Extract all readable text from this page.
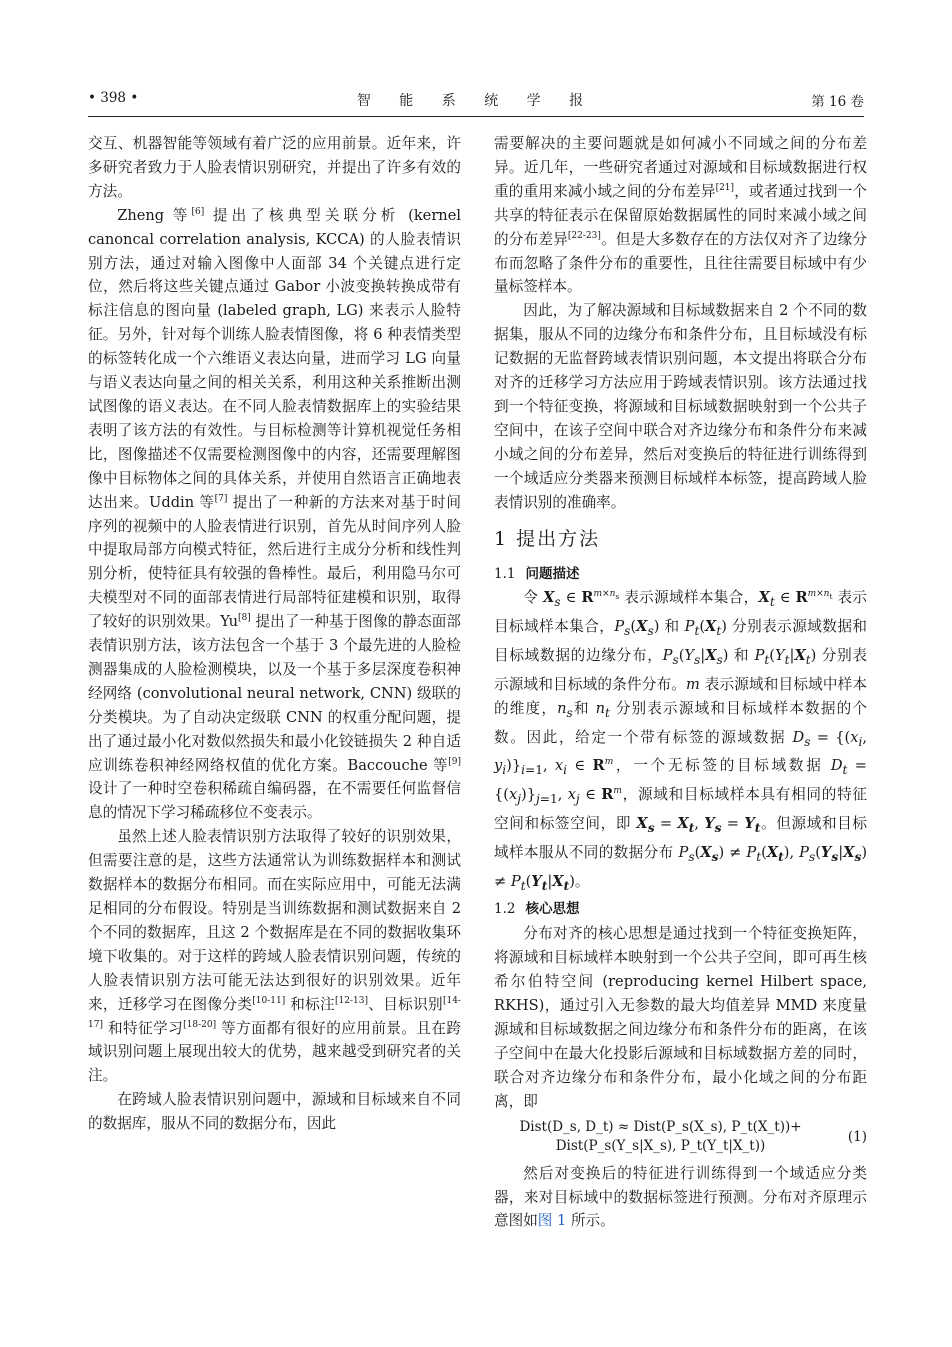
• 398 •	智 能 系 统 学 报	第 16 卷

交互、机器智能等领域有着广泛的应用前景。近年来，许多研究者致力于人脸表情识别研究，并提出了许多有效的方法。

Zheng 等[6] 提出了核典型关联分析 (kernel canoncal correlation analysis, KCCA) 的人脸表情识别方法，通过对输入图像中人面部 34 个关键点进行定位，然后将这些关键点通过 Gabor 小波变换转换成带有标注信息的图向量 (labeled graph, LG) 来表示人脸特征。另外，针对每个训练人脸表情图像，将 6 种表情类型的标签转化成一个六维语义表达向量，进而学习 LG 向量与语义表达向量之间的相关关系，利用这种关系推断出测试图像的语义表达。在不同人脸表情数据库上的实验结果表明了该方法的有效性。与目标检测等计算机视觉任务相比，图像描述不仅需要检测图像中的内容，还需要理解图像中目标物体之间的具体关系，并使用自然语言正确地表达出来。Uddin 等[7] 提出了一种新的方法来对基于时间序列的视频中的人脸表情进行识别，首先从时间序列人脸中提取局部方向模式特征，然后进行主成分分析和线性判别分析，使特征具有较强的鲁棒性。最后，利用隐马尔可夫模型对不同的面部表情进行局部特征建模和识别，取得了较好的识别效果。Yu[8] 提出了一种基于图像的静态面部表情识别方法，该方法包含一个基于 3 个最先进的人脸检测器集成的人脸检测模块，以及一个基于多层深度卷积神经网络 (convolutional neural network, CNN) 级联的分类模块。为了自动决定级联 CNN 的权重分配问题，提出了通过最小化对数似然损失和最小化铰链损失 2 种自适应训练卷积神经网络权值的优化方案。Baccouche 等[9] 设计了一种时空卷积稀疏自编码器，在不需要任何监督信息的情况下学习稀疏移位不变表示。

虽然上述人脸表情识别方法取得了较好的识别效果，但需要注意的是，这些方法通常认为训练数据样本和测试数据样本的数据分布相同。而在实际应用中，可能无法满足相同的分布假设。特别是当训练数据和测试数据来自 2 个不同的数据库，且这 2 个数据库是在不同的数据收集环境下收集的。对于这样的跨域人脸表情识别问题，传统的人脸表情识别方法可能无法达到很好的识别效果。近年来，迁移学习在图像分类[10-11] 和标注[12-13]、目标识别[14-17] 和特征学习[18-20] 等方面都有很好的应用前景。且在跨域识别问题上展现出较大的优势，越来越受到研究者的关注。

在跨域人脸表情识别问题中，源域和目标域来自不同的数据库，服从不同的数据分布，因此

需要解决的主要问题就是如何减小不同域之间的分布差异。近几年，一些研究者通过对源域和目标域数据进行权重的重用来减小域之间的分布差异[21]，或者通过找到一个共享的特征表示在保留原始数据属性的同时来减小域之间的分布差异[22-23]。但是大多数存在的方法仅对齐了边缘分布而忽略了条件分布的重要性，且往往需要目标域中有少量标签样本。

因此，为了解决源域和目标域数据来自 2 个不同的数据集，服从不同的边缘分布和条件分布，且目标域没有标记数据的无监督跨域表情识别问题，本文提出将联合分布对齐的迁移学习方法应用于跨域表情识别。该方法通过找到一个特征变换，将源域和目标域数据映射到一个公共子空间中，在该子空间中联合对齐边缘分布和条件分布来减小域之间的分布差异，然后对变换后的特征进行训练得到一个域适应分类器来预测目标域样本标签，提高跨域人脸表情识别的准确率。

1 提出方法
1.1 问题描述

令 $X_s$ ∈ $R^{m\times n_s}$ 表示源域样本集合，$X_t$ ∈ $R^{m\times n_t}$ 表示目标域样本集合，$P_s(X_s)$ 和 $P_t(X_t)$ 分别表示源域数据和目标域数据的边缘分布，$P_s(Y_s|X_s)$ 和 $P_t(Y_t|X_t)$ 分别表示源域和目标域的条件分布。m 表示源域和目标域中样本的维度，$n_s$和 $n_t$ 分别表示源域和目标域样本数据的个数。因此，给定一个带有标签的源域数据 $D_s = \{(x_i$, $y_i)\}_{i=1}$, $x_i$ ∈ $R^m$，一个无标签的目标域数据 $D_t = \{(x_j)\}_{j=1}$, $x_j$ ∈ $R^m$，源域和目标域样本具有相同的特征空间和标签空间，即 $X_s = X_t$, $Y_s = Y_t$。但源域和目标域样本服从不同的数据分布 $P_s(X_s) \ne P_t(X_t)$, $P_s(Y_s|X_s) \ne P_t(Y_t|X_t)$。

1.2 核心思想

分布对齐的核心思想是通过找到一个特征变换矩阵，将源域和目标域样本映射到一个公共子空间，即可再生核希尔伯特空间 (reproducing kernel Hilbert space, RKHS)，通过引入无参数的最大均值差异 MMD 来度量源域和目标域数据之间边缘分布和条件分布的距离，在该子空间中在最大化投影后源域和目标域数据方差的同时，联合对齐边缘分布和条件分布，最小化域之间的分布距离，即

Dist(D_s, D_t) ≈ Dist(P_s(X_s), P_t(X_t))+
Dist(P_s(Y_s|X_s), P_t(Y_t|X_t))
(1)

然后对变换后的特征进行训练得到一个域适应分类器，来对目标域中的数据标签进行预测。分布对齐原理示意图如图 1 所示。
